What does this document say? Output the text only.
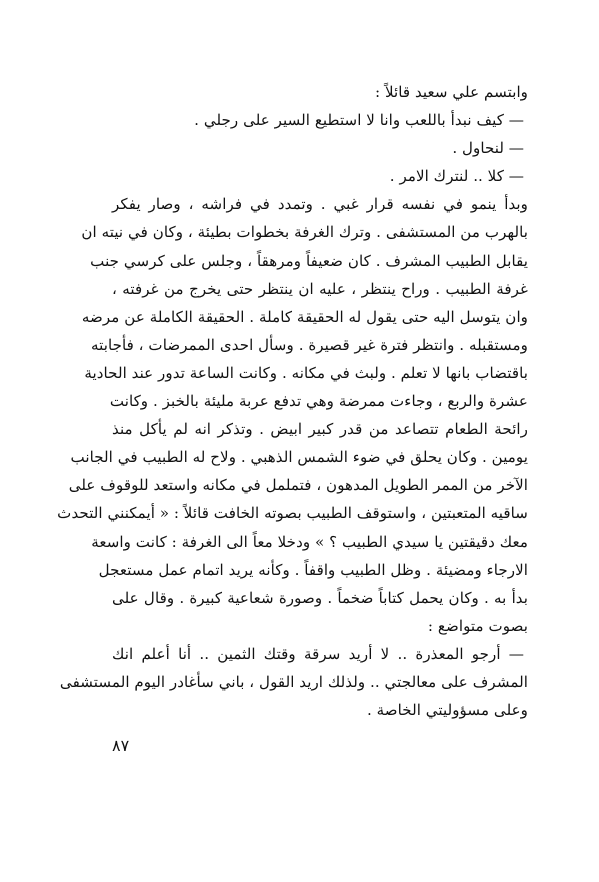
وابتسم علي سعيد قائلاً :
— كيف نبدأ باللعب وانا لا استطيع السير على رجلي .
— لنحاول .
— كلا .. لنترك الامر .
وبدأ ينمو في نفسه قرار غبي . وتمدد في فراشه ، وصار يفكر
بالهرب من المستشفى . وترك الغرفة بخطوات بطيئة ، وكان في نيته ان
يقابل الطبيب المشرف . كان ضعيفاً ومرهقاً ، وجلس على كرسي جنب
غرفة الطبيب . وراح ينتظر ، عليه ان ينتظر حتى يخرج من غرفته ،
وان يتوسل اليه حتى يقول له الحقيقة كاملة . الحقيقة الكاملة عن مرضه
ومستقبله . وانتظر فترة غير قصيرة . وسأل احدى الممرضات ، فأجابته
باقتضاب بانها لا تعلم . ولبث في مكانه . وكانت الساعة تدور عند الحادية
عشرة والربع ، وجاءت ممرضة وهي تدفع عربة مليئة بالخبز . وكانت
رائحة الطعام تتصاعد من قدر كبير ابيض . وتذكر انه لم يأكل منذ
يومين . وكان يحلق في ضوء الشمس الذهبي . ولاح له الطبيب في الجانب
الآخر من الممر الطويل المدهون ، فتململ في مكانه واستعد للوقوف على
ساقيه المتعبتين ، واستوقف الطبيب بصوته الخافت قائلاً : « أيمكنني التحدث
معك دقيقتين يا سيدي الطبيب ؟ » ودخلا معاً الى الغرفة : كانت واسعة
الارجاء ومضيئة . وظل الطبيب واقفاً . وكأنه يريد اتمام عمل مستعجل
بدأ به . وكان يحمل كتاباً ضخماً . وصورة شعاعية كبيرة . وقال على
بصوت متواضع :
— أرجو المعذرة .. لا أريد سرقة وقتك الثمين .. أنا أعلم انك
المشرف على معالجتي .. ولذلك اريد القول ، باني سأغادر اليوم المستشفى
وعلى مسؤوليتي الخاصة .
٨٧
